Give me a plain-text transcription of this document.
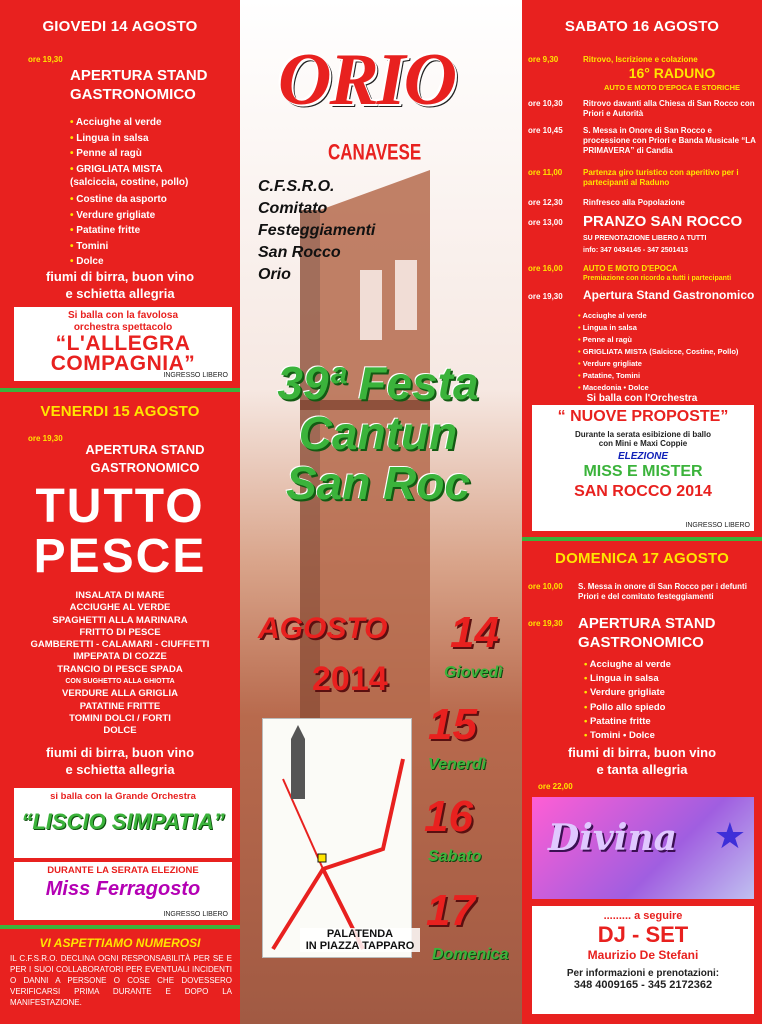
GIOVEDI 14 AGOSTO
ore 19,30
APERTURA STAND
GASTRONOMICO
• Acciughe al verde
• Lingua in salsa
• Penne al ragù
• GRIGLIATA MISTA
(salcicci​a, costine, pollo)
• Costine da asporto
• Verdure grigliate
• Patatine fritte
• Tomini
• Dolce
fiumi di birra, buon vino
e schietta allegria
Si balla con la favolosa
orchestra spettacolo
“L'ALLEGRA
COMPAGNIA”
INGRESSO LIBERO
VENERDI 15 AGOSTO
ore 19,30
APERTURA STAND
GASTRONOMICO
TUTTO
PESCE
INSALATA DI MARE
ACCIUGHE AL VERDE
SPAGHETTI ALLA MARINARA
FRITTO DI PESCE
GAMBERETTI - CALAMARI - CIUFFETTI
IMPEPATA DI COZZE
TRANCIO DI PESCE SPADA
CON SUGHETTO ALLA GHIOTTA
VERDURE ALLA GRIGLIA
PATATINE FRITTE
TOMINI DOLCI / FORTI
DOLCE
fiumi di birra, buon vino
e schietta allegria
si balla con la Grande Orchestra
“LISCIO SIMPATIA”
DURANTE LA SERATA ELEZIONE
Miss Ferragosto
INGRESSO LIBERO
VI ASPETTIAMO NUMEROSI
IL C.F.S.R.O. DECLINA OGNI RESPONSABILITÀ PER SE E PER I SUOI COLLABORATORI PER EVENTUALI INCIDENTI O DANNI A PERSONE O COSE CHE DOVESSERO VERIFICARSI PRIMA DURANTE E DOPO LA MANIFESTAZIONE.
ORIO
CANAVESE
C.F.S.R.O.
Comitato
Festeggiamenti
San Rocco
Orio
39ª Festa
Cantun
San Roc
AGOSTO
2014
14
Giovedì
15
Venerdì
16
Sabato
17
Domenica
PALATENDA
IN PIAZZA TAPPARO
SABATO 16 AGOSTO
ore 9,30	Ritrovo, Iscrizione e colazione
16° RADUNO
AUTO E MOTO D'EPOCA E STORICHE
ore 10,30	Ritrovo davanti alla Chiesa di San Rocco con Priori e Autorità
ore 10,45	S. Messa in Onore di San Rocco e processione con Priori e Banda Musicale “LA PRIMAVERA” di Candia
ore 11,00	Partenza giro turistico con aperitivo per i partecipanti al Raduno
ore 12,30	Rinfresco alla Popolazione
ore 13,00 PRANZO SAN ROCCO
SU PRENOTAZIONE LIBERO A TUTTI
info: 347 0434145 - 347 2501413
ore 16,00	AUTO E MOTO D'EPOCA
Premiazione con ricordo a tutti i partecipanti
ore 19,30 Apertura Stand Gastronomico
• Acciughe al verde
• Lingua in salsa
• Penne al ragù
• GRIGLIATA MISTA (Salcicce, Costine, Pollo)
• Verdure grigliate
• Patatine, Tomini
• Macedonia • Dolce
Si balla con l'Orchestra
“ NUOVE PROPOSTE”
Durante la serata esibizione di ballo
con Mini e Maxi Coppie
ELEZIONE
MISS E MISTER
SAN ROCCO 2014
INGRESSO LIBERO
DOMENICA 17 AGOSTO
ore 10,00 S. Messa in onore di San Rocco per i defunti Priori e del comitato festeggiamenti
ore 19,30 APERTURA STAND
GASTRONOMICO
• Acciughe al verde
• Lingua in salsa
• Verdure grigliate
• Pollo allo spiedo
• Patatine fritte
• Tomini • Dolce
fiumi di birra, buon vino
e tanta allegria
ore 22,00
Divina	★
......... a seguire
DJ - SET
Maurizio De Stefani
Per informazioni e prenotazioni:
348 4009165 - 345 2172362
